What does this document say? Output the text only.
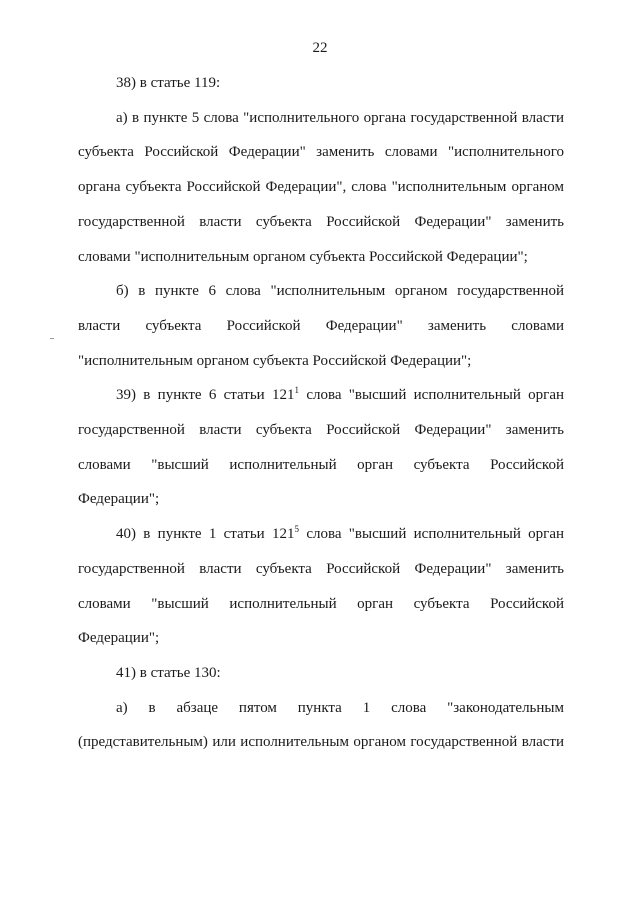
22

38) в статье 119:

а) в пункте 5 слова "исполнительного органа государственной власти субъекта Российской Федерации" заменить словами "исполнительного органа субъекта Российской Федерации", слова "исполнительным органом государственной власти субъекта Российской Федерации" заменить словами "исполнительным органом субъекта Российской Федерации";

б) в пункте 6 слова "исполнительным органом государственной власти субъекта Российской Федерации" заменить словами "исполнительным органом субъекта Российской Федерации";

39) в пункте 6 статьи $121^1$ слова "высший исполнительный орган государственной власти субъекта Российской Федерации" заменить словами "высший исполнительный орган субъекта Российской Федерации";

40) в пункте 1 статьи $121^5$ слова "высший исполнительный орган государственной власти субъекта Российской Федерации" заменить словами "высший исполнительный орган субъекта Российской Федерации";

41) в статье 130:

а) в абзаце пятом пункта 1 слова "законодательным (представительным) или исполнительным органом государственной власти
